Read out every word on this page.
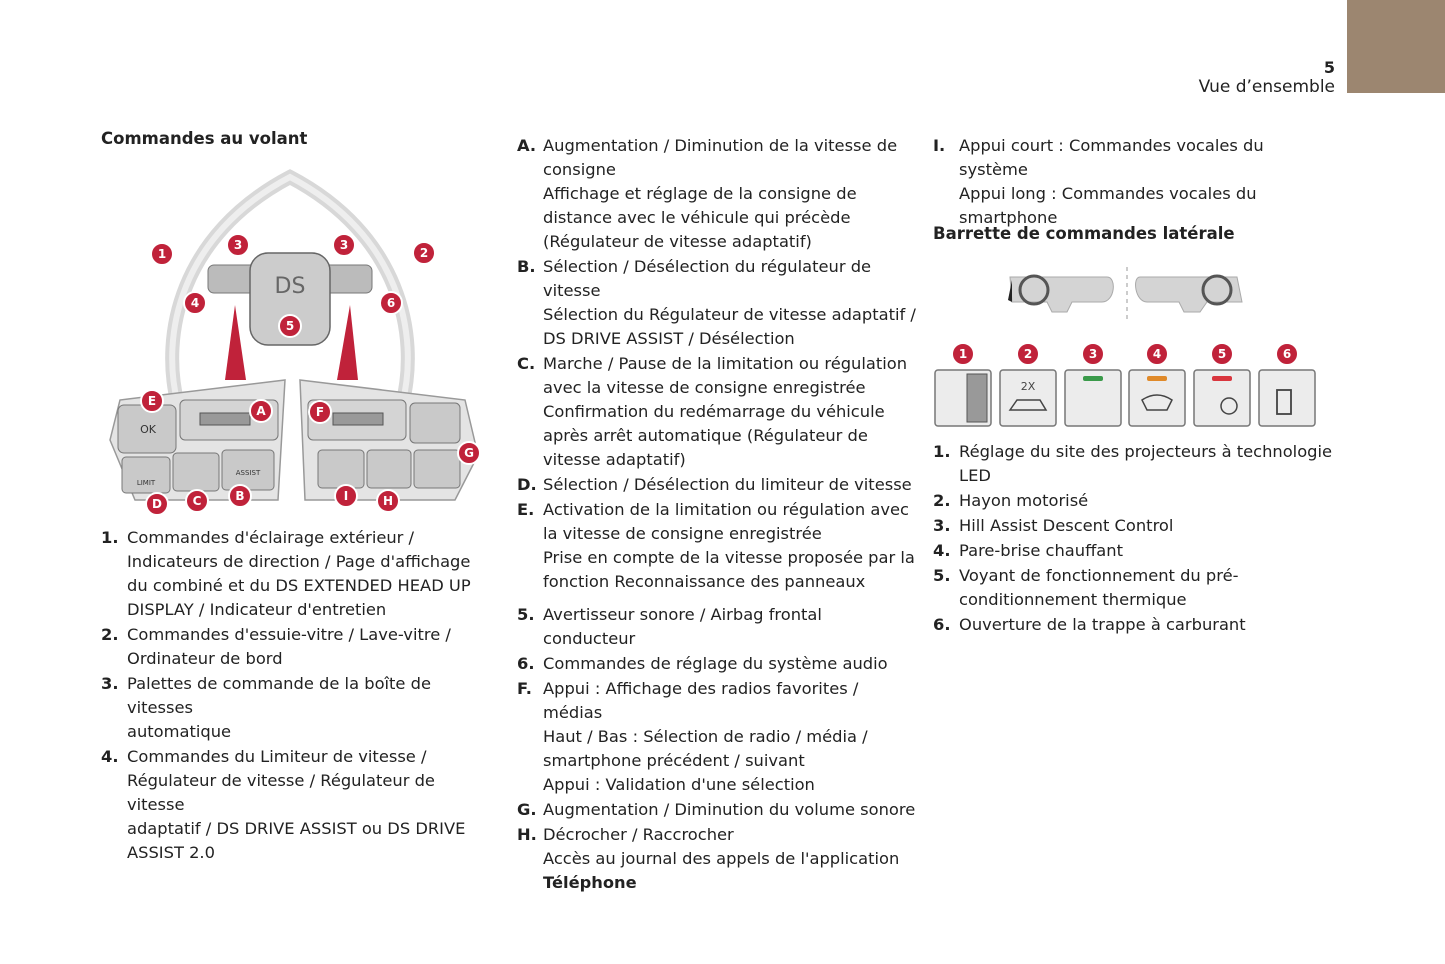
5
Vue d’ensemble
Commandes au volant
DS
OK
LIMIT
ASSIST
1	2
3	3
4
5
6
A
B
C
D
E
F
G
H
I
1. Commandes d'éclairage extérieur /
Indicateurs de direction / Page d'affichage
du combiné et du DS EXTENDED HEAD UP
DISPLAY / Indicateur d'entretien
2. Commandes d'essuie-vitre / Lave-vitre /
Ordinateur de bord
3. Palettes de commande de la boîte de vitesses
automatique
4. Commandes du Limiteur de vitesse /
Régulateur de vitesse / Régulateur de vitesse
adaptatif / DS DRIVE ASSIST ou DS DRIVE
ASSIST 2.0
A. Augmentation / Diminution de la vitesse de
consigne
Affichage et réglage de la consigne de
distance avec le véhicule qui précède
(Régulateur de vitesse adaptatif)
B. Sélection / Désélection du régulateur de
vitesse
Sélection du Régulateur de vitesse adaptatif /
DS DRIVE ASSIST / Désélection
C. Marche / Pause de la limitation ou régulation
avec la vitesse de consigne enregistrée
Confirmation du redémarrage du véhicule
après arrêt automatique (Régulateur de
vitesse adaptatif)
D. Sélection / Désélection du limiteur de vitesse
E. Activation de la limitation ou régulation avec
la vitesse de consigne enregistrée
Prise en compte de la vitesse proposée par la
fonction Reconnaissance des panneaux
5. Avertisseur sonore / Airbag frontal conducteur
6. Commandes de réglage du système audio
F. Appui : Affichage des radios favorites / médias
Haut / Bas : Sélection de radio / média /
smartphone précédent / suivant
Appui : Validation d'une sélection
G. Augmentation / Diminution du volume sonore
H. Décrocher / Raccrocher
Accès au journal des appels de l'application
Téléphone
I. Appui court : Commandes vocales du système
Appui long : Commandes vocales du
smartphone
Barrette de commandes latérale
1	2	3	4	5	6
2X
1. Réglage du site des projecteurs à technologie
LED
2. Hayon motorisé
3. Hill Assist Descent Control
4. Pare-brise chauffant
5. Voyant de fonctionnement du pré-
conditionnement thermique
6. Ouverture de la trappe à carburant
